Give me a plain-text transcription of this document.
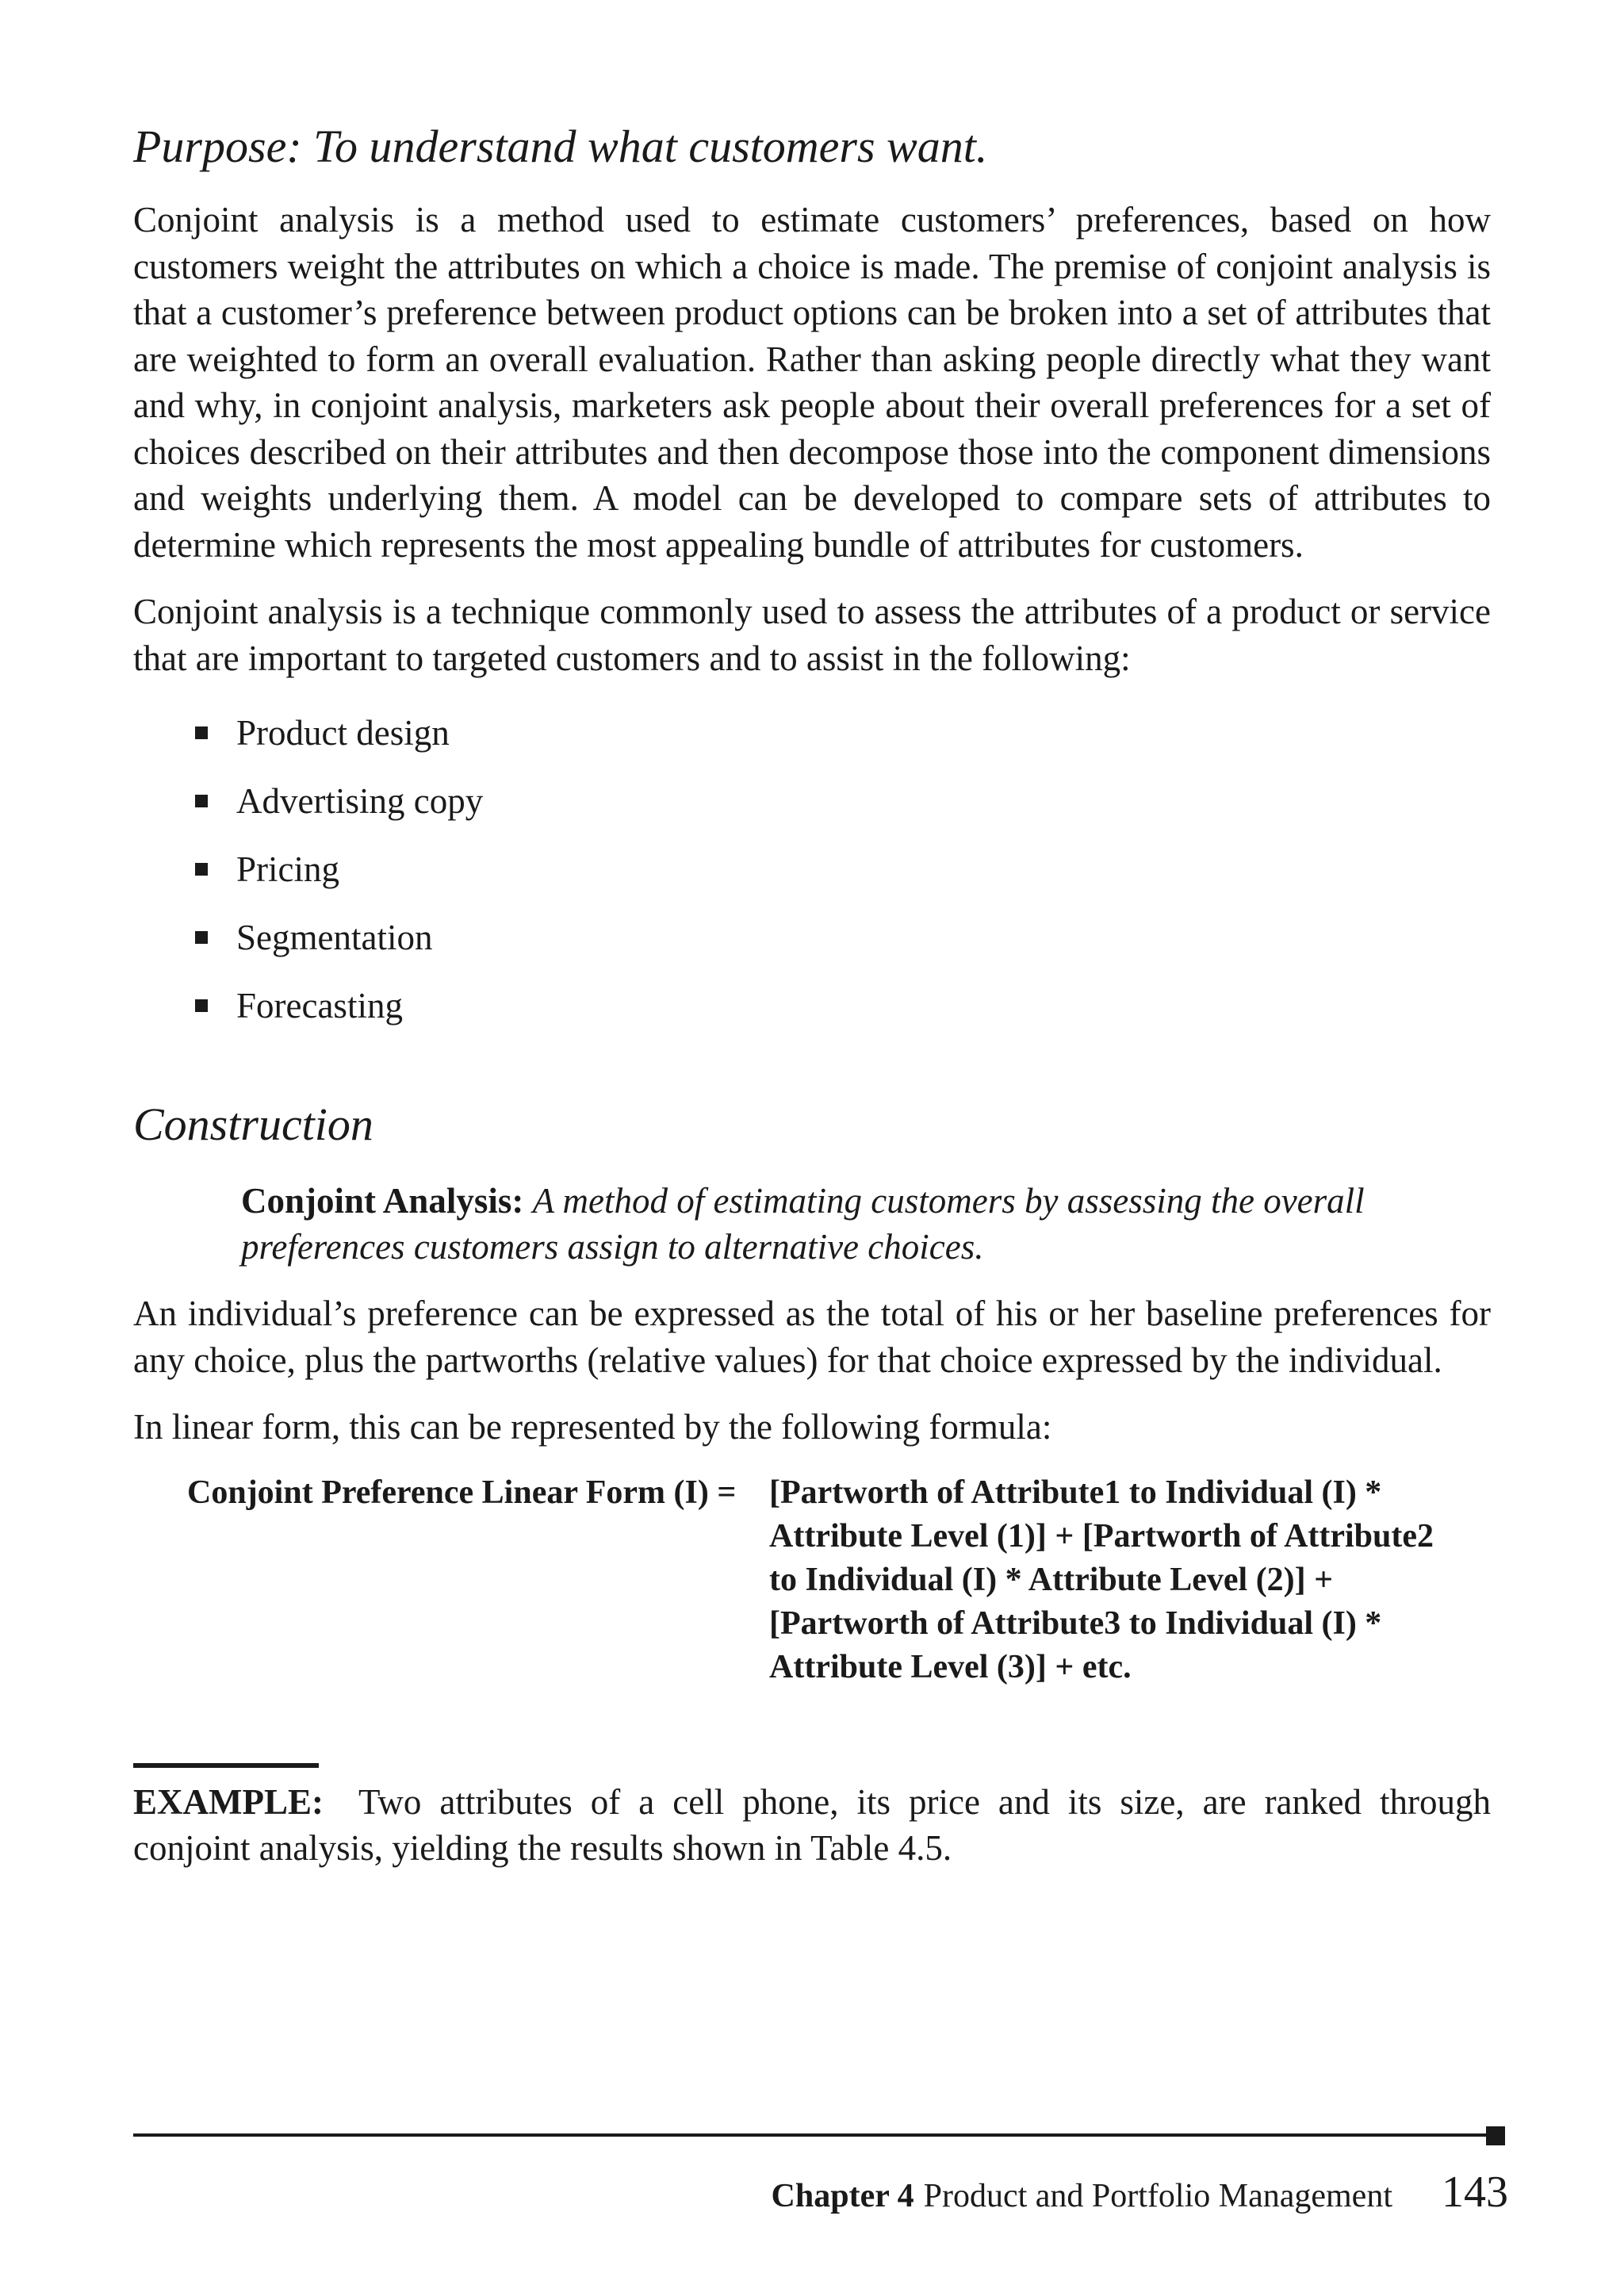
Purpose: To understand what customers want.

Conjoint analysis is a method used to estimate customers’ preferences, based on how customers weight the attributes on which a choice is made. The premise of conjoint analysis is that a customer’s preference between product options can be broken into a set of attributes that are weighted to form an overall evaluation. Rather than asking people directly what they want and why, in conjoint analysis, marketers ask people about their overall preferences for a set of choices described on their attributes and then decompose those into the component dimensions and weights underlying them. A model can be developed to compare sets of attributes to determine which represents the most appealing bundle of attributes for customers.

Conjoint analysis is a technique commonly used to assess the attributes of a product or service that are important to targeted customers and to assist in the following:

Product design
Advertising copy
Pricing
Segmentation
Forecasting
Construction
Conjoint Analysis: A method of estimating customers by assessing the overall preferences customers assign to alternative choices.

An individual’s preference can be expressed as the total of his or her baseline preferences for any choice, plus the partworths (relative values) for that choice expressed by the individual.

In linear form, this can be represented by the following formula:

Conjoint Preference Linear Form (I) = [Partworth of Attribute1 to Individual (I) * Attribute Level (1)] + [Partworth of Attribute2 to Individual (I) * Attribute Level (2)] + [Partworth of Attribute3 to Individual (I) * Attribute Level (3)] + etc.

EXAMPLE: Two attributes of a cell phone, its price and its size, are ranked through conjoint analysis, yielding the results shown in Table 4.5.

Chapter 4 Product and Portfolio Management 143
